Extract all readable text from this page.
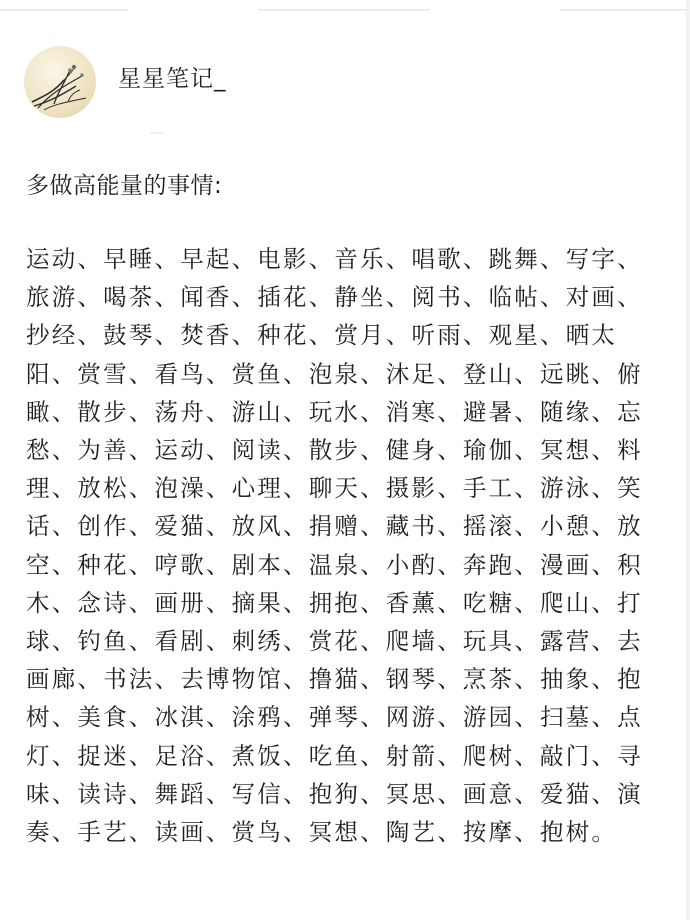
星星笔记_
多做高能量的事情:
运动、早睡、早起、电影、音乐、唱歌、跳舞、写字、旅游、喝茶、闻香、插花、静坐、阅书、临帖、对画、抄经、鼓琴、焚香、种花、赏月、听雨、观星、晒太阳、赏雪、看鸟、赏鱼、泡泉、沐足、登山、远眺、俯瞰、散步、荡舟、游山、玩水、消寒、避暑、随缘、忘愁、为善、运动、阅读、散步、健身、瑜伽、冥想、料理、放松、泡澡、心理、聊天、摄影、手工、游泳、笑话、创作、爱猫、放风、捐赠、藏书、摇滚、小憩、放空、种花、哼歌、剧本、温泉、小酌、奔跑、漫画、积木、念诗、画册、摘果、拥抱、香薰、吃糖、爬山、打球、钓鱼、看剧、刺绣、赏花、爬墙、玩具、露营、去画廊、书法、去博物馆、撸猫、钢琴、烹茶、抽象、抱树、美食、冰淇、涂鸦、弹琴、网游、游园、扫墓、点灯、捉迷、足浴、煮饭、吃鱼、射箭、爬树、敲门、寻味、读诗、舞蹈、写信、抱狗、冥思、画意、爱猫、演奏、手艺、读画、赏鸟、冥想、陶艺、按摩、抱树。
